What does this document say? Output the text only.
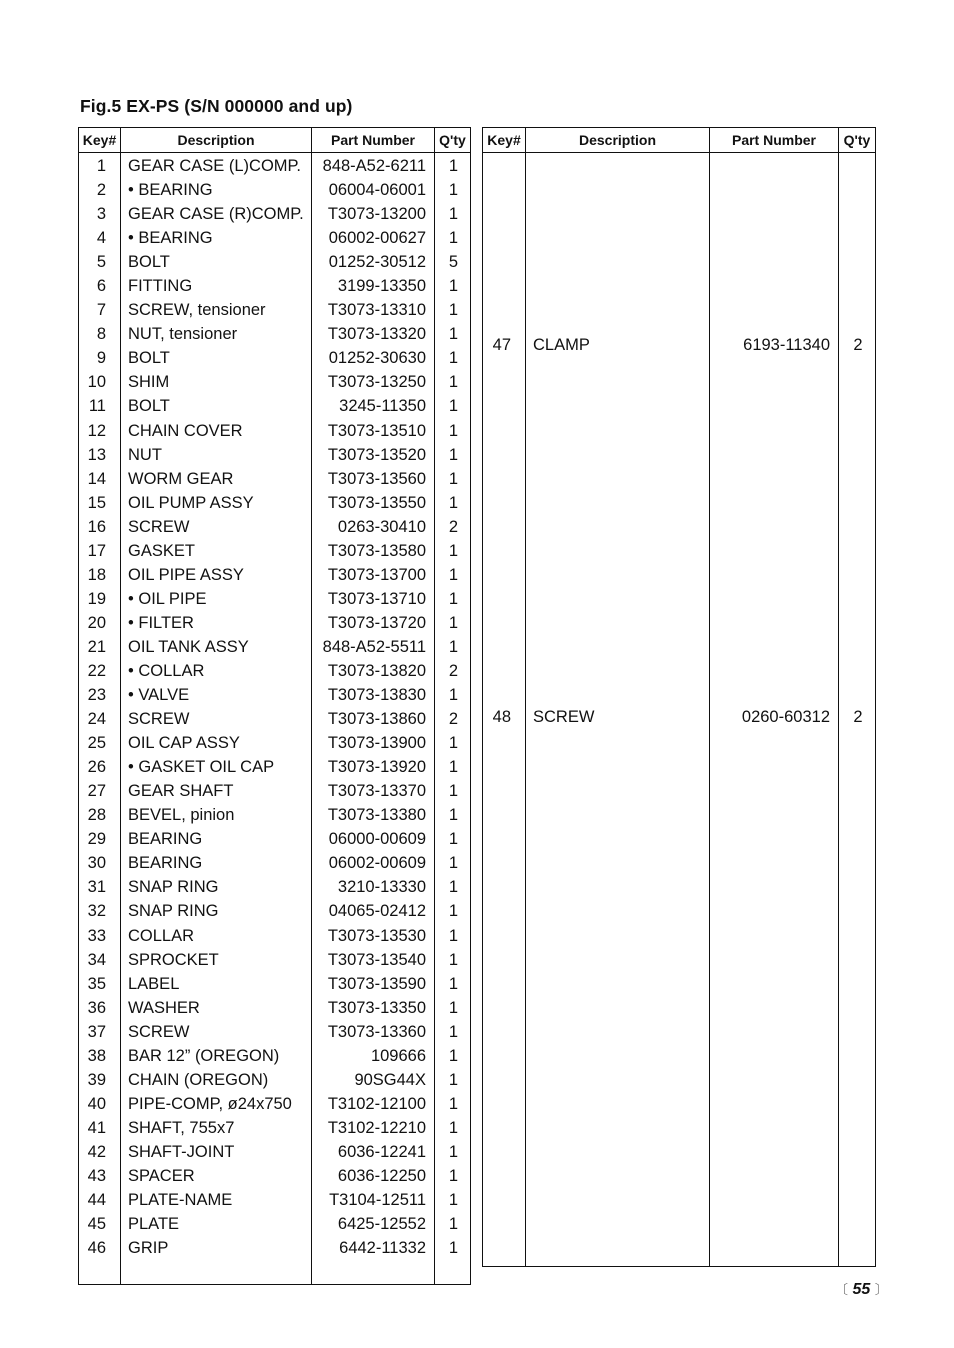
Fig.5 EX-PS (S/N 000000 and up)
Key#	Description	Part Number	Q'ty
1	GEAR CASE (L)COMP.	848-A52-6211	1
2	• BEARING	06004-06001	1
3	GEAR CASE (R)COMP.	T3073-13200	1
4	• BEARING	06002-00627	1
5	BOLT	01252-30512	5
6	FITTING	3199-13350	1
7	SCREW, tensioner	T3073-13310	1
8	NUT, tensioner	T3073-13320	1
9	BOLT	01252-30630	1
10	SHIM	T3073-13250	1
11	BOLT	3245-11350	1
12	CHAIN COVER	T3073-13510	1
13	NUT	T3073-13520	1
14	WORM GEAR	T3073-13560	1
15	OIL PUMP ASSY	T3073-13550	1
16	SCREW	0263-30410	2
17	GASKET	T3073-13580	1
18	OIL PIPE ASSY	T3073-13700	1
19	• OIL PIPE	T3073-13710	1
20	• FILTER	T3073-13720	1
21	OIL TANK ASSY	848-A52-5511	1
22	• COLLAR	T3073-13820	2
23	• VALVE	T3073-13830	1
24	SCREW	T3073-13860	2
25	OIL CAP ASSY	T3073-13900	1
26	• GASKET OIL CAP	T3073-13920	1
27	GEAR SHAFT	T3073-13370	1
28	BEVEL, pinion	T3073-13380	1
29	BEARING	06000-00609	1
30	BEARING	06002-00609	1
31	SNAP RING	3210-13330	1
32	SNAP RING	04065-02412	1
33	COLLAR	T3073-13530	1
34	SPROCKET	T3073-13540	1
35	LABEL	T3073-13590	1
36	WASHER	T3073-13350	1
37	SCREW	T3073-13360	1
38	BAR 12” (OREGON)	109666	1
39	CHAIN (OREGON)	90SG44X	1
40	PIPE-COMP, ø24x750	T3102-12100	1
41	SHAFT, 755x7	T3102-12210	1
42	SHAFT-JOINT	6036-12241	1
43	SPACER	6036-12250	1
44	PLATE-NAME	T3104-12511	1
45	PLATE	6425-12552	1
46	GRIP	6442-11332	1

Key#	Description	Part Number	Q'ty
47	CLAMP	6193-11340	2
48	SCREW	0260-60312	2

〔 55 〕
